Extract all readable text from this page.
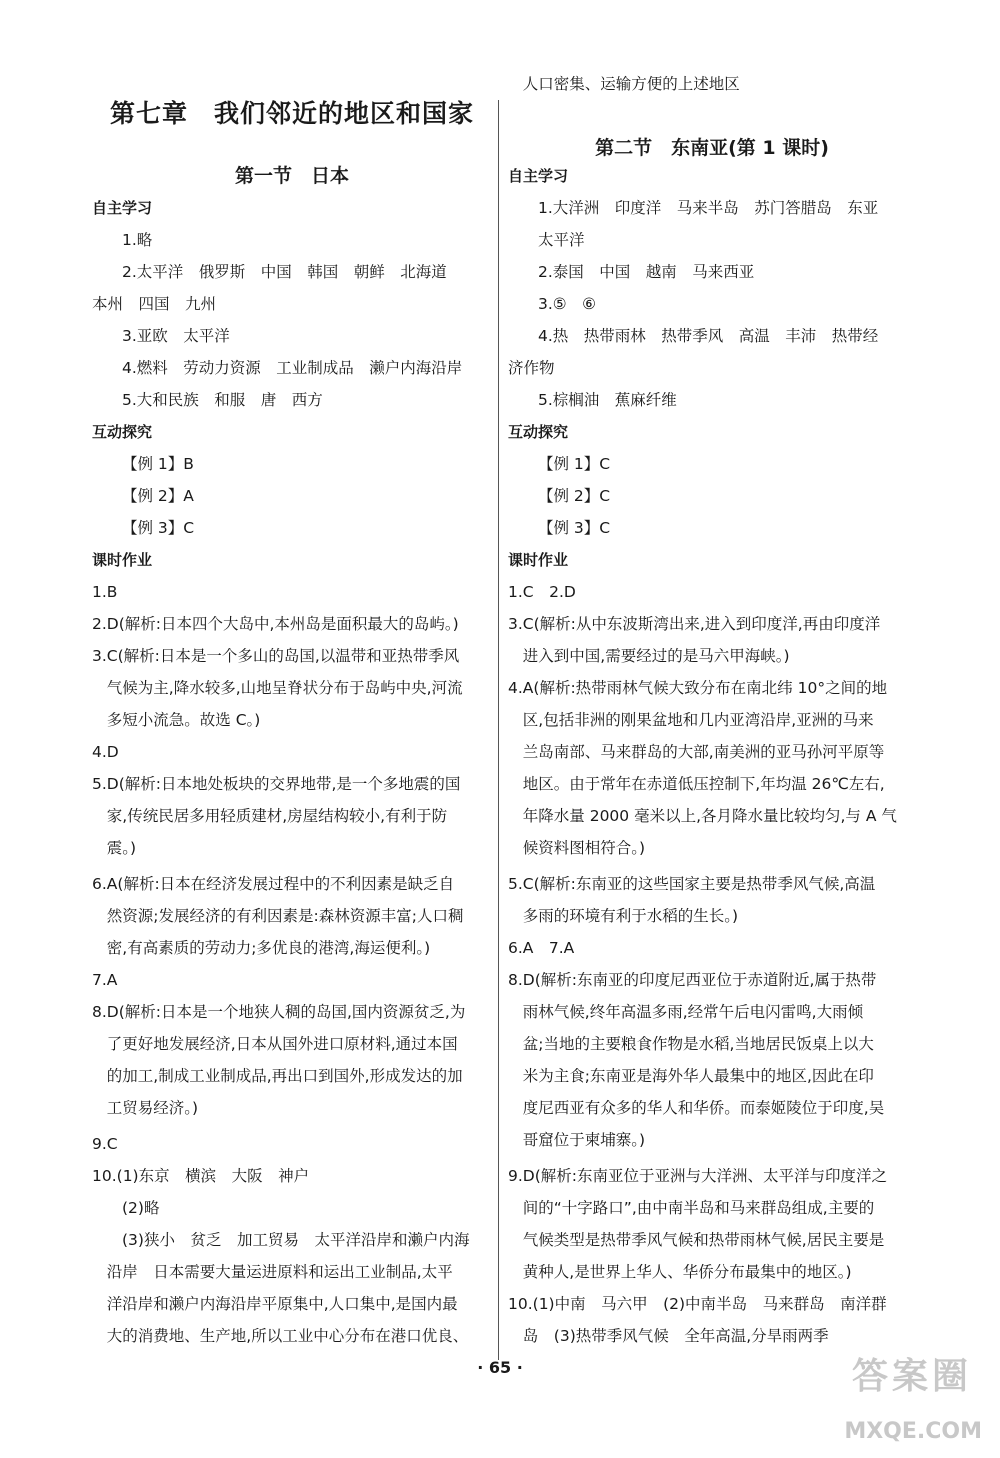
第七章　我们邻近的地区和国家
第一节　日本
自主学习
1.略
2.太平洋　俄罗斯　中国　韩国　朝鲜　北海道
本州　四国　九州
3.亚欧　太平洋
4.燃料　劳动力资源　工业制成品　濑户内海沿岸
5.大和民族　和服　唐　西方
互动探究
【例 1】B
【例 2】A
【例 3】C
课时作业
1.B
2.D(解析:日本四个大岛中,本州岛是面积最大的岛屿。)
3.C(解析:日本是一个多山的岛国,以温带和亚热带季风
气候为主,降水较多,山地呈脊状分布于岛屿中央,河流
多短小流急。故选 C。)
4.D
5.D(解析:日本地处板块的交界地带,是一个多地震的国
家,传统民居多用轻质建材,房屋结构较小,有利于防
震。)
6.A(解析:日本在经济发展过程中的不利因素是缺乏自
然资源;发展经济的有利因素是:森林资源丰富;人口稠
密,有高素质的劳动力;多优良的港湾,海运便利。)
7.A
8.D(解析:日本是一个地狭人稠的岛国,国内资源贫乏,为
了更好地发展经济,日本从国外进口原材料,通过本国
的加工,制成工业制成品,再出口到国外,形成发达的加
工贸易经济。)
9.C
10.(1)东京　横滨　大阪　神户
(2)略
(3)狭小　贫乏　加工贸易　太平洋沿岸和濑户内海
沿岸　日本需要大量运进原料和运出工业制品,太平
洋沿岸和濑户内海沿岸平原集中,人口集中,是国内最
大的消费地、生产地,所以工业中心分布在港口优良、
第二节　东南亚(第 1 课时)
人口密集、运输方便的上述地区
自主学习
1.大洋洲　印度洋　马来半岛　苏门答腊岛　东亚
太平洋
2.泰国　中国　越南　马来西亚
3.⑤　⑥
4.热　热带雨林　热带季风　高温　丰沛　热带经
济作物
5.棕榈油　蕉麻纤维
互动探究
【例 1】C
【例 2】C
【例 3】C
课时作业
1.C　2.D
3.C(解析:从中东波斯湾出来,进入到印度洋,再由印度洋
进入到中国,需要经过的是马六甲海峡。)
4.A(解析:热带雨林气候大致分布在南北纬 10°之间的地
区,包括非洲的刚果盆地和几内亚湾沿岸,亚洲的马来
兰岛南部、马来群岛的大部,南美洲的亚马孙河平原等
地区。由于常年在赤道低压控制下,年均温 26℃左右,
年降水量 2000 毫米以上,各月降水量比较均匀,与 A 气
候资料图相符合。)
5.C(解析:东南亚的这些国家主要是热带季风气候,高温
多雨的环境有利于水稻的生长。)
6.A　7.A
8.D(解析:东南亚的印度尼西亚位于赤道附近,属于热带
雨林气候,终年高温多雨,经常午后电闪雷鸣,大雨倾
盆;当地的主要粮食作物是水稻,当地居民饭桌上以大
米为主食;东南亚是海外华人最集中的地区,因此在印
度尼西亚有众多的华人和华侨。而泰姬陵位于印度,吴
哥窟位于柬埔寨。)
9.D(解析:东南亚位于亚洲与大洋洲、太平洋与印度洋之
间的“十字路口”,由中南半岛和马来群岛组成,主要的
气候类型是热带季风气候和热带雨林气候,居民主要是
黄种人,是世界上华人、华侨分布最集中的地区。)
10.(1)中南　马六甲　(2)中南半岛　马来群岛　南洋群
岛　(3)热带季风气候　全年高温,分旱雨两季
· 65 ·	答案圈
MXQE.COM
